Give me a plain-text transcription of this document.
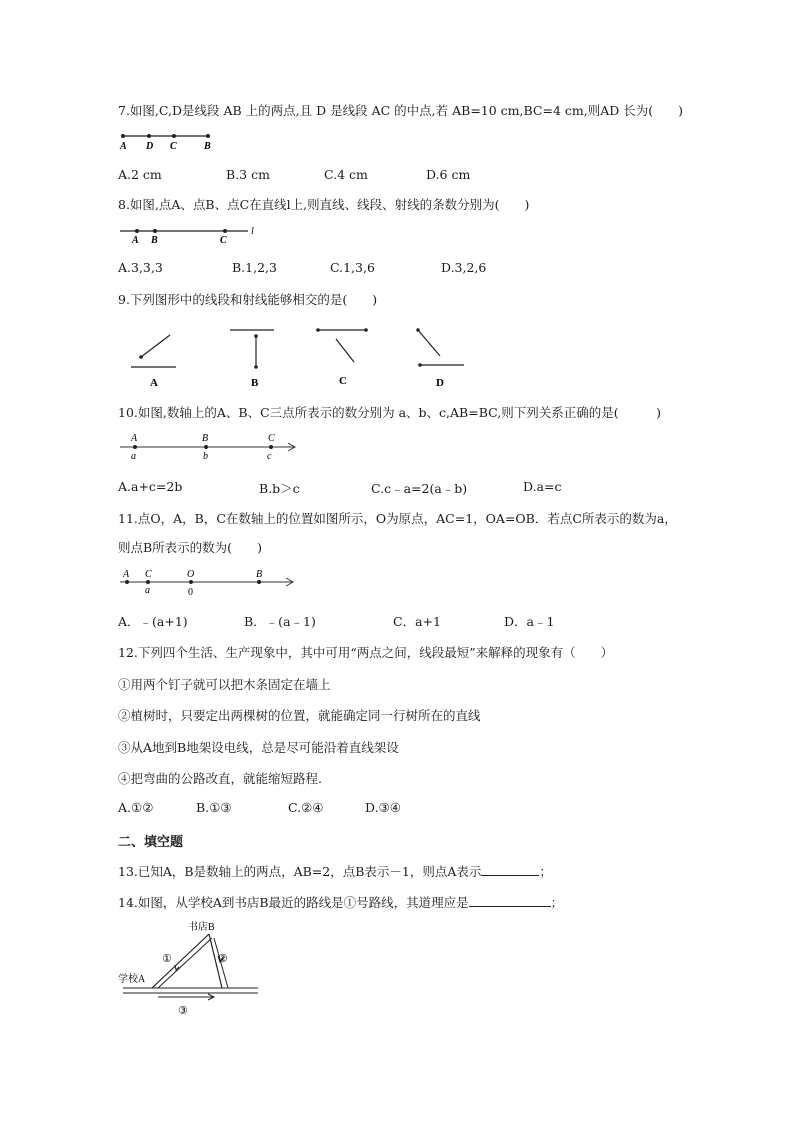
7.如图,C,D是线段 AB 上的两点,且 D 是线段 AC 的中点,若 AB=10 cm,BC=4 cm,则AD 长为(　　)
A D C	B
A.2 cm	B.3 cm	C.4 cm	D.6 cm
8.如图,点A、点B、点C在直线l上,则直线、线段、射线的条数分别为(　　)
A B	C
l
A.3,3,3	B.1,2,3	C.1,3,6	D.3,2,6
9.下列图形中的线段和射线能够相交的是(　　)
A	B	C	D
10.如图,数轴上的A、B、C三点所表示的数分别为 a、b、c,AB=BC,则下列关系正确的是(　　　)
A	B	C
a	b	c
A.a+c=2b	B.b＞c	C.c﹣a=2(a﹣b)	D.a=c
11.点O，A，B，C在数轴上的位置如图所示，O为原点，AC=1，OA=OB．若点C所表示的数为a，
则点B所表示的数为(　　)
A C	O	B
a	0
A．﹣(a+1)	B．﹣(a﹣1)	C．a+1	D．a﹣1
12.下列四个生活、生产现象中，其中可用“两点之间，线段最短”来解释的现象有（　　）
①用两个钉子就可以把木条固定在墙上
②植树时，只要定出两棵树的位置，就能确定同一行树所在的直线
③从A地到B地架设电线，总是尽可能沿着直线架设
④把弯曲的公路改直，就能缩短路程.
A.①②	B.①③	C.②④	D.③④
二、填空题
13.已知A，B是数轴上的两点，AB=2，点B表示－1，则点A表示	；
14.如图，从学校A到书店B最近的路线是①号路线，其道理应是	；
书店B
学校A
①	②
③
